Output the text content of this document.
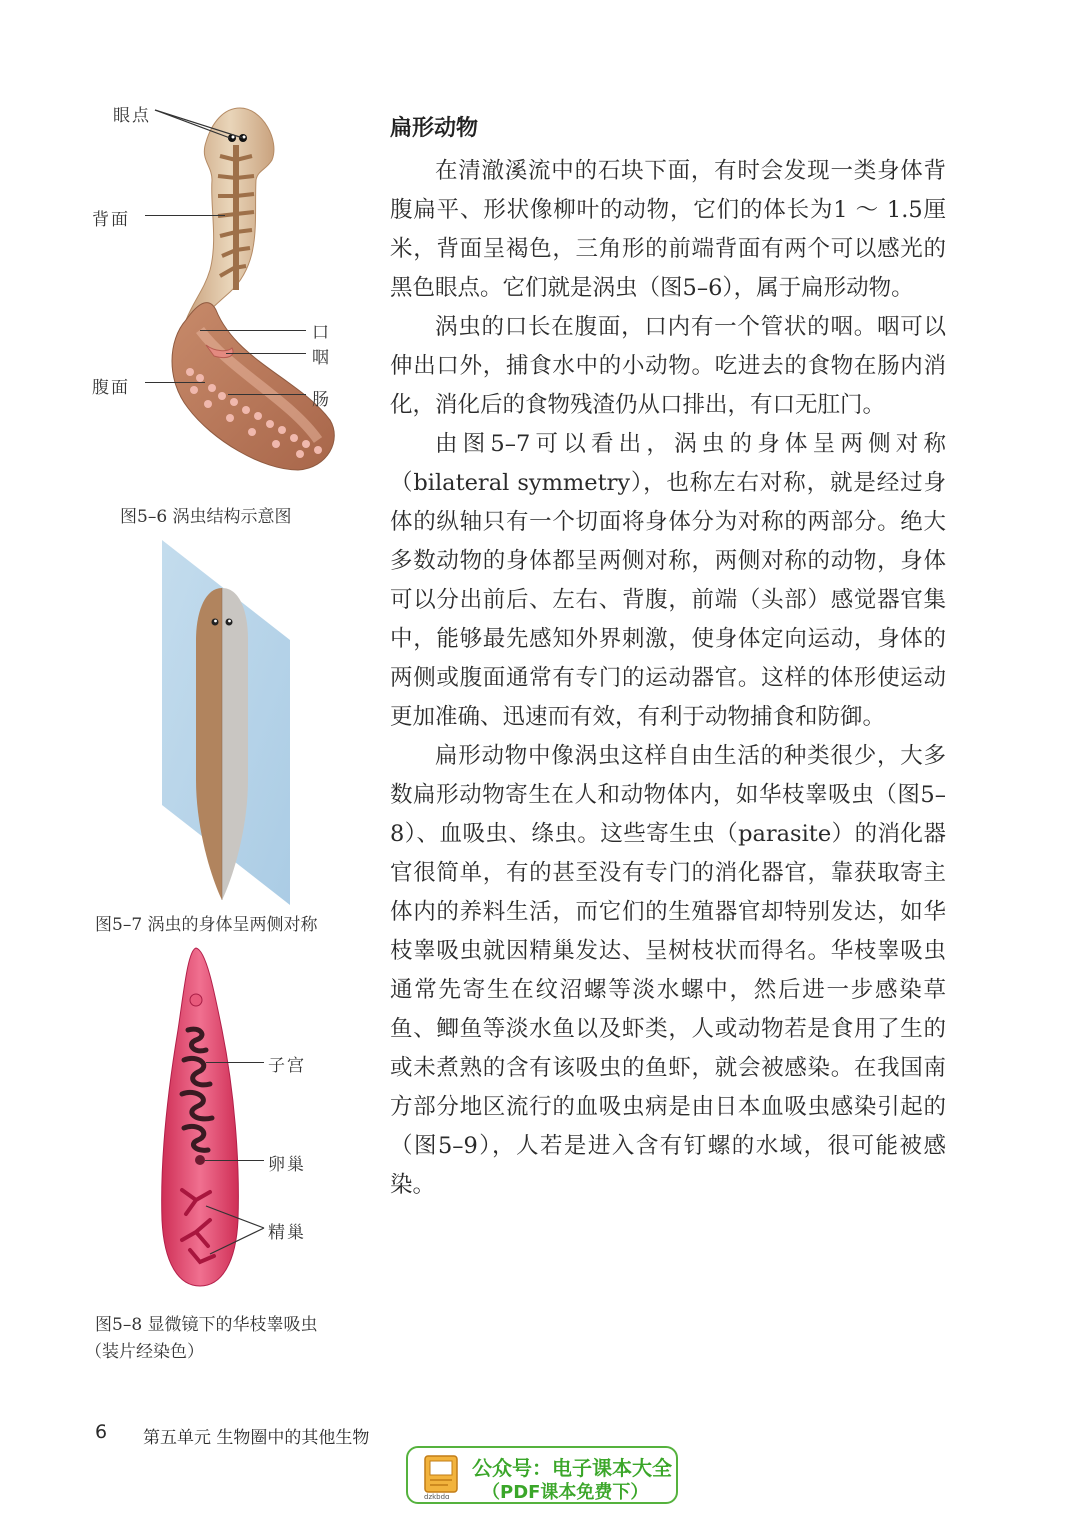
眼点
背面
口
咽
腹面
肠
图5–6 涡虫结构示意图
图5–7 涡虫的身体呈两侧对称
子宫
卵巢
精巢
图5–8 显微镜下的华枝睾吸虫
（装片经染色）
扁形动物

在清澈溪流中的石块下面，有时会发现一类身体背腹扁平、形状像柳叶的动物，它们的体长为1 ～ 1.5厘米，背面呈褐色，三角形的前端背面有两个可以感光的黑色眼点。它们就是涡虫（图5–6），属于扁形动物。

涡虫的口长在腹面，口内有一个管状的咽。咽可以伸出口外，捕食水中的小动物。吃进去的食物在肠内消化，消化后的食物残渣仍从口排出，有口无肛门。

由图5–7可以看出，涡虫的身体呈两侧对称（bilateral symmetry），也称左右对称，就是经过身体的纵轴只有一个切面将身体分为对称的两部分。绝大多数动物的身体都呈两侧对称，两侧对称的动物，身体可以分出前后、左右、背腹，前端（头部）感觉器官集中，能够最先感知外界刺激，使身体定向运动，身体的两侧或腹面通常有专门的运动器官。这样的体形使运动更加准确、迅速而有效，有利于动物捕食和防御。

扁形动物中像涡虫这样自由生活的种类很少，大多数扁形动物寄生在人和动物体内，如华枝睾吸虫（图5–8）、血吸虫、绦虫。这些寄生虫（parasite）的消化器官很简单，有的甚至没有专门的消化器官，靠获取寄主体内的养料生活，而它们的生殖器官却特别发达，如华枝睾吸虫就因精巢发达、呈树枝状而得名。华枝睾吸虫通常先寄生在纹沼螺等淡水螺中，然后进一步感染草鱼、鲫鱼等淡水鱼以及虾类，人或动物若是食用了生的或未煮熟的含有该吸虫的鱼虾，就会被感染。在我国南方部分地区流行的血吸虫病是由日本血吸虫感染引起的（图5–9），人若是进入含有钉螺的水域，很可能被感染。

6 第五单元 生物圈中的其他生物
dzkbdq
公众号：电子课本大全
（PDF课本免费下）
